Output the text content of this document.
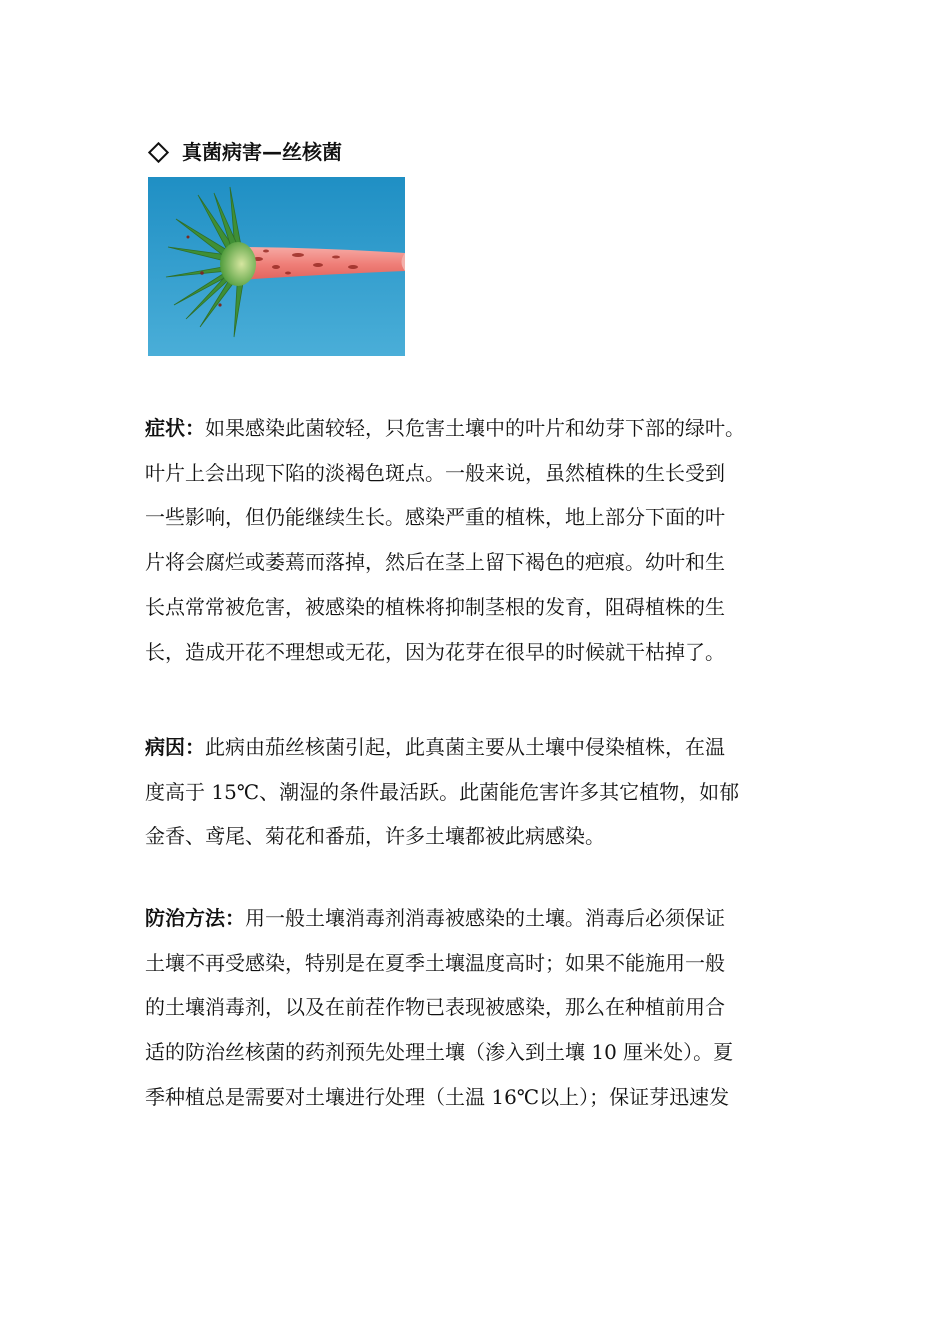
真菌病害—丝核菌

症状：如果感染此菌较轻，只危害土壤中的叶片和幼芽下部的绿叶。
叶片上会出现下陷的淡褐色斑点。一般来说，虽然植株的生长受到
一些影响，但仍能继续生长。感染严重的植株，地上部分下面的叶
片将会腐烂或萎蔫而落掉，然后在茎上留下褐色的疤痕。幼叶和生
长点常常被危害，被感染的植株将抑制茎根的发育，阻碍植株的生
长，造成开花不理想或无花，因为花芽在很早的时候就干枯掉了。

病因：此病由茄丝核菌引起，此真菌主要从土壤中侵染植株，在温
度高于 15℃、潮湿的条件最活跃。此菌能危害许多其它植物，如郁
金香、鸢尾、菊花和番茄，许多土壤都被此病感染。

防治方法：用一般土壤消毒剂消毒被感染的土壤。消毒后必须保证
土壤不再受感染，特别是在夏季土壤温度高时；如果不能施用一般
的土壤消毒剂，以及在前茬作物已表现被感染，那么在种植前用合
适的防治丝核菌的药剂预先处理土壤（渗入到土壤 10 厘米处）。夏
季种植总是需要对土壤进行处理（土温 16℃以上）；保证芽迅速发
